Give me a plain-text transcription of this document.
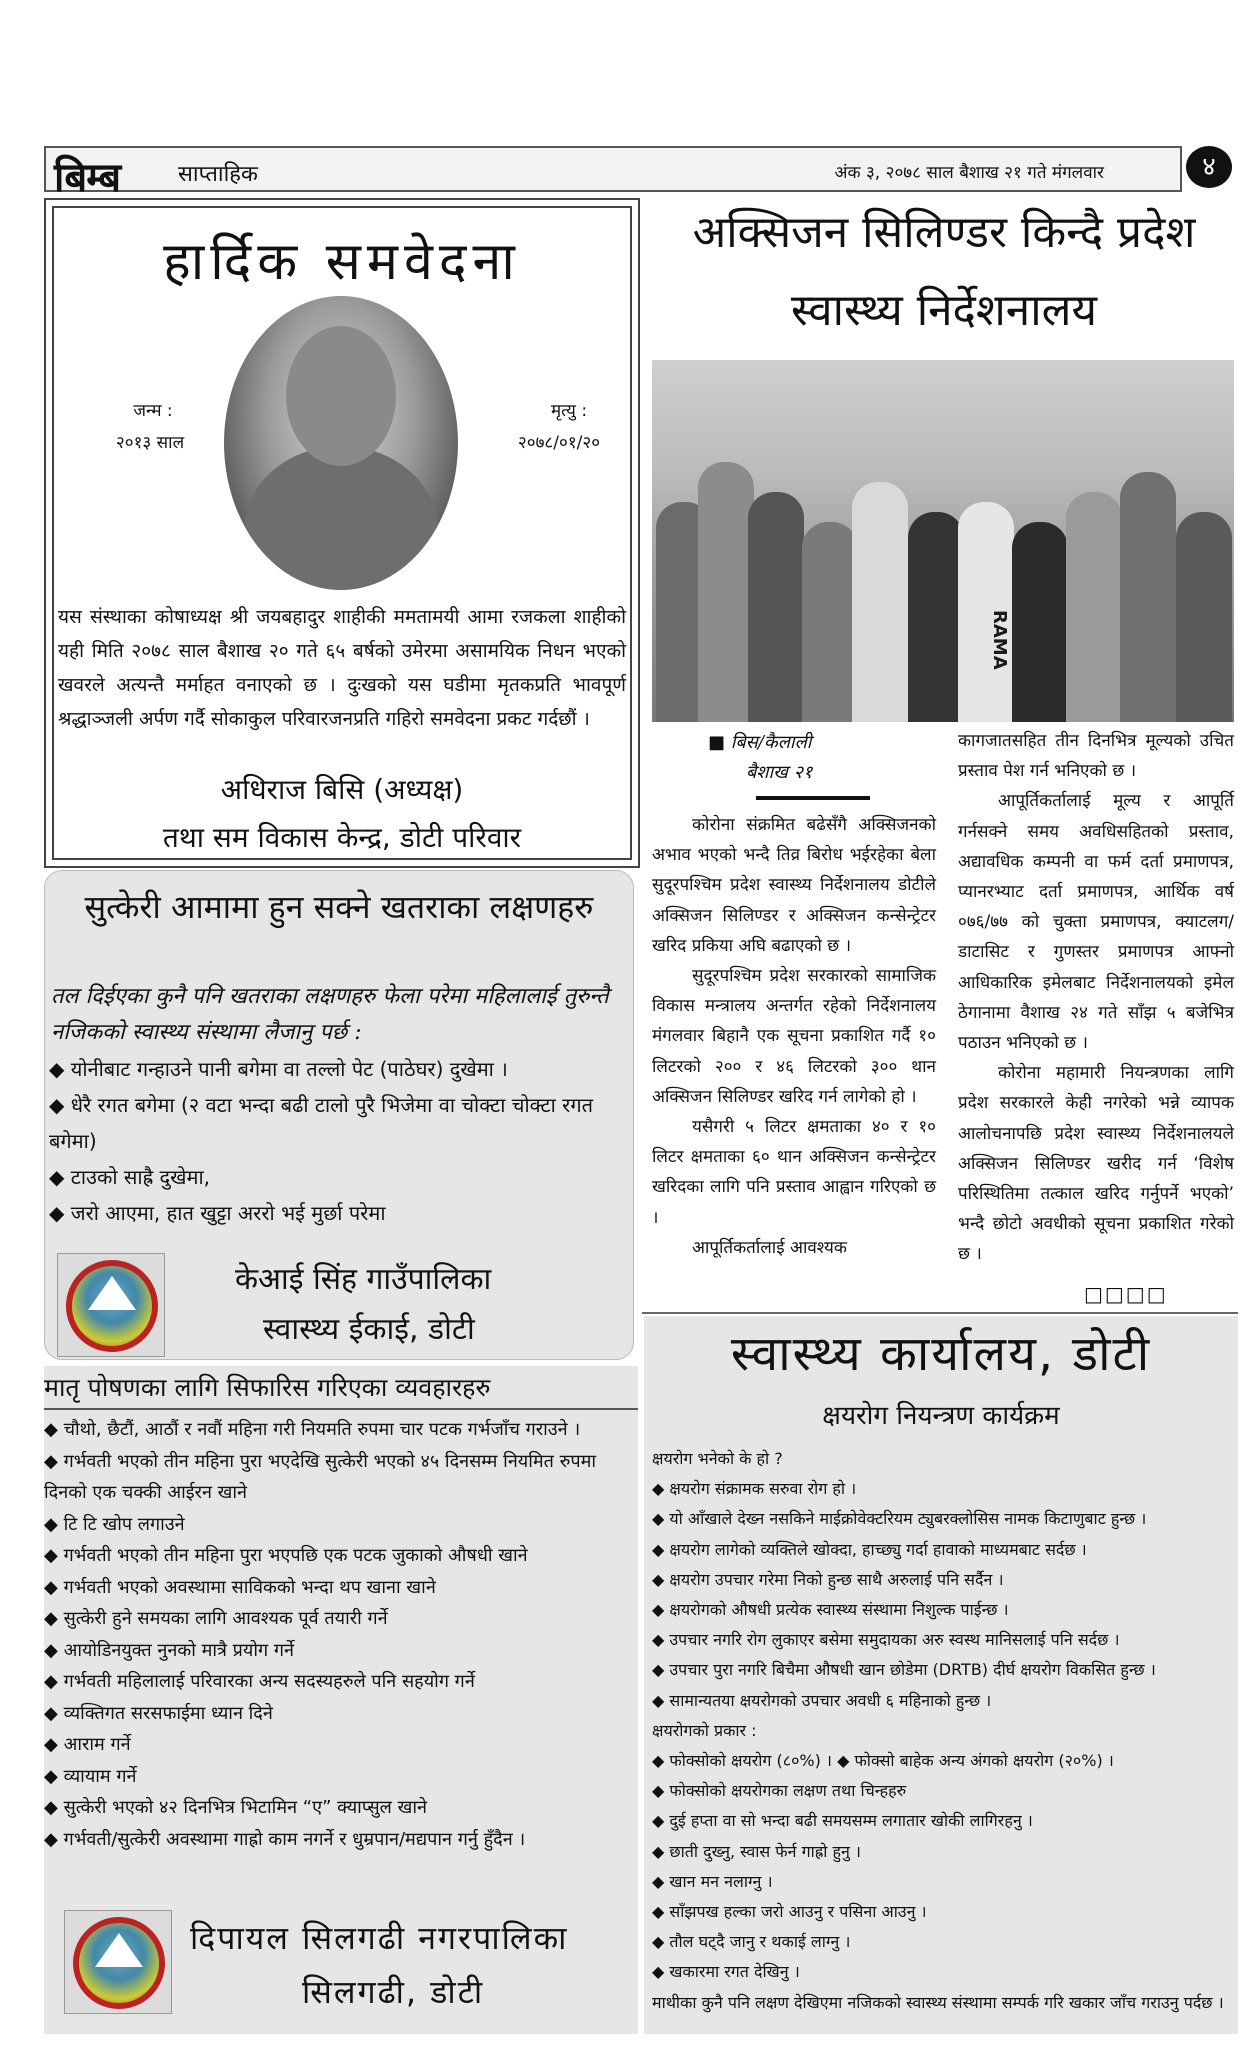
बिम्ब	साप्ताहिक	अंक ३, २०७८ साल बैशाख २१ गते मंगलवार	४
हार्दिक समवेदना
जन्म :
२०१३ साल
मृत्यु :
२०७८/०१/२०
यस संस्थाका कोषाध्यक्ष श्री जयबहादुर शाहीकी ममतामयी आमा रजकला शाहीको यही मिति २०७८ साल बैशाख २० गते ६५ बर्षको उमेरमा असामयिक निधन भएको खवरले अत्यन्तै मर्माहत वनाएको छ । दुःखको यस घडीमा मृतकप्रति भावपूर्ण श्रद्धाञ्जली अर्पण गर्दै सोकाकुल परिवारजनप्रति गहिरो समवेदना प्रकट गर्दछौं ।
अधिराज बिसि (अध्यक्ष)
तथा सम विकास केन्द्र, डोटी परिवार
सुत्केरी आमामा हुन सक्ने खतराका लक्षणहरु
तल दिईएका कुनै पनि खतराका लक्षणहरु फेला परेमा महिलालाई तुरुन्तै नजिकको स्वास्थ्य संस्थामा लैजानु पर्छ :
◆ योनीबाट गन्हाउने पानी बगेमा वा तल्लो पेट (पाठेघर) दुखेमा ।
◆ धेरै रगत बगेमा (२ वटा भन्दा बढी टालो पुरै भिजेमा वा चोक्टा चोक्टा रगत बगेमा)
◆ टाउको साह्रै दुखेमा,
◆ जरो आएमा, हात खुट्टा अररो भई मुर्छा परेमा
केआई सिंह गाउँपालिका
स्वास्थ्य ईकाई, डोटी
मातृ पोषणका लागि सिफारिस गरिएका व्यवहारहरु
◆ चौथो, छैटौं, आठौं र नवौं महिना गरी नियमति रुपमा चार पटक गर्भजाँच गराउने ।
◆ गर्भवती भएको तीन महिना पुरा भएदेखि सुत्केरी भएको ४५ दिनसम्म नियमित रुपमा दिनको एक चक्की आईरन खाने
◆ टि टि खोप लगाउने
◆ गर्भवती भएको तीन महिना पुरा भएपछि एक पटक जुकाको औषधी खाने
◆ गर्भवती भएको अवस्थामा साविकको भन्दा थप खाना खाने
◆ सुत्केरी हुने समयका लागि आवश्यक पूर्व तयारी गर्ने
◆ आयोडिनयुक्त नुनको मात्रै प्रयोग गर्ने
◆ गर्भवती महिलालाई परिवारका अन्य सदस्यहरुले पनि सहयोग गर्ने
◆ व्यक्तिगत सरसफाईमा ध्यान दिने
◆ आराम गर्ने
◆ व्यायाम गर्ने
◆ सुत्केरी भएको ४२ दिनभित्र भिटामिन “ए” क्याप्सुल खाने
◆ गर्भवती/सुत्केरी अवस्थामा गाह्रो काम नगर्ने र धुम्रपान/मद्यपान गर्नु हुँदैन ।
दिपायल सिलगढी नगरपालिका
सिलगढी, डोटी
अक्सिजन सिलिण्डर किन्दै प्रदेश
स्वास्थ्य निर्देशनालय
RAMA
■ बिस/कैलाली
बैशाख २१

कोरोना संक्रमित बढेसँगै अक्सिजनको अभाव भएको भन्दै तिव्र बिरोध भईरहेका बेला सुदूरपश्चिम प्रदेश स्वास्थ्य निर्देशनालय डोटीले अक्सिजन सिलिण्डर र अक्सिजन कन्सेन्ट्रेटर खरिद प्रकिया अघि बढाएको छ ।

सुदूरपश्चिम प्रदेश सरकारको सामाजिक विकास मन्त्रालय अन्तर्गत रहेको निर्देशनालय मंगलवार बिहानै एक सूचना प्रकाशित गर्दै १० लिटरको २०० र ४६ लिटरको ३०० थान अक्सिजन सिलिण्डर खरिद गर्न लागेको हो ।

यसैगरी ५ लिटर क्षमताका ४० र १० लिटर क्षमताका ६० थान अक्सिजन कन्सेन्ट्रेटर खरिदका लागि पनि प्रस्ताव आह्वान गरिएको छ ।

आपूर्तिकर्तालाई आवश्यक

कागजातसहित तीन दिनभित्र मूल्यको उचित प्रस्ताव पेश गर्न भनिएको छ ।

आपूर्तिकर्तालाई मूल्य र आपूर्ति गर्नसक्ने समय अवधिसहितको प्रस्ताव, अद्यावधिक कम्पनी वा फर्म दर्ता प्रमाणपत्र, प्यानरभ्याट दर्ता प्रमाणपत्र, आर्थिक वर्ष ०७६/७७ को चुक्ता प्रमाणपत्र, क्याटलग/डाटासिट र गुणस्तर प्रमाणपत्र आफ्नो आधिकारिक इमेलबाट निर्देशनालयको इमेल ठेगानामा वैशाख २४ गते साँझ ५ बजेभित्र पठाउन भनिएको छ ।

कोरोना महामारी नियन्त्रणका लागि प्रदेश सरकारले केही नगरेको भन्ने व्यापक आलोचनापछि प्रदेश स्वास्थ्य निर्देशनालयले अक्सिजन सिलिण्डर खरीद गर्न ‘विशेष परिस्थितिमा तत्काल खरिद गर्नुपर्ने भएको’ भन्दै छोटो अवधीको सूचना प्रकाशित गरेको छ ।

□□□□
स्वास्थ्य कार्यालय, डोटी
क्षयरोग नियन्त्रण कार्यक्रम
क्षयरोग भनेको के हो ?
◆ क्षयरोग संक्रामक सरुवा रोग हो ।
◆ यो आँखाले देख्न नसकिने माईक्रोवेक्टरियम ट्युबरक्लोसिस नामक किटाणुबाट हुन्छ ।
◆ क्षयरोग लागेको व्यक्तिले खोक्दा, हाच्छ्यु गर्दा हावाको माध्यमबाट सर्दछ ।
◆ क्षयरोग उपचार गरेमा निको हुन्छ साथै अरुलाई पनि सर्दैन ।
◆ क्षयरोगको औषधी प्रत्येक स्वास्थ्य संस्थामा निशुल्क पाईन्छ ।
◆ उपचार नगरि रोग लुकाएर बसेमा समुदायका अरु स्वस्थ मानिसलाई पनि सर्दछ ।
◆ उपचार पुरा नगरि बिचैमा औषधी खान छोडेमा (DRTB) दीर्घ क्षयरोग विकसित हुन्छ ।
◆ सामान्यतया क्षयरोगको उपचार अवधी ६ महिनाको हुन्छ ।
क्षयरोगको प्रकार :
◆ फोक्सोको क्षयरोग (८०%) । ◆ फोक्सो बाहेक अन्य अंगको क्षयरोग (२०%) ।
◆ फोक्सोको क्षयरोगका लक्षण तथा चिन्हहरु
◆ दुई हप्ता वा सो भन्दा बढी समयसम्म लगातार खोकी लागिरहनु ।
◆ छाती दुख्नु, स्वास फेर्न गाह्रो हुनु ।
◆ खान मन नलाग्नु ।
◆ साँझपख हल्का जरो आउनु र पसिना आउनु ।
◆ तौल घट्दै जानु र थकाई लाग्नु ।
◆ खकारमा रगत देखिनु ।
माथीका कुनै पनि लक्षण देखिएमा नजिकको स्वास्थ्य संस्थामा सम्पर्क गरि खकार जाँच गराउनु पर्दछ ।
